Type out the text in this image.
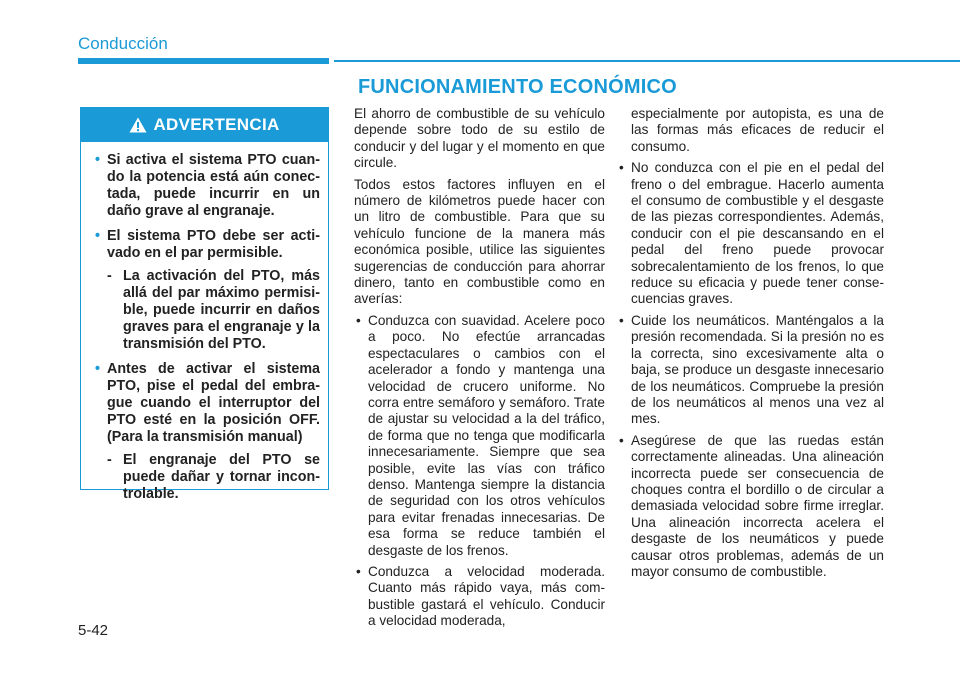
Conducción
FUNCIONAMIENTO ECONÓMICO
ADVERTENCIA
• Si activa el sistema PTO cuando la potencia está aún conectada, puede incurrir en un daño grave al engranaje.
• El sistema PTO debe ser activado en el par permisible.
- La activación del PTO, más allá del par máximo permisible, puede incurrir en daños graves para el engranaje y la transmisión del PTO.
• Antes de activar el sistema PTO, pise el pedal del embrague cuando el interruptor del PTO esté en la posición OFF. (Para la transmisión manual)
- El engranaje del PTO se puede dañar y tornar incontrolable.

El ahorro de combustible de su vehículo depende sobre todo de su estilo de conducir y del lugar y el momento en que circule.

Todos estos factores influyen en el número de kilómetros puede hacer con un litro de combustible. Para que su vehículo funcione de la manera más económica posible, utilice las siguientes sugerencias de conducción para ahorrar dinero, tanto en combustible como en averías:

• Conduzca con suavidad. Acelere poco a poco. No efectúe arrancadas espectaculares o cambios con el acelerador a fondo y mantenga una velocidad de crucero uniforme. No corra entre semáforo y semáforo. Trate de ajustar su velocidad a la del tráfico, de forma que no tenga que modificarla innecesariamente. Siempre que sea posible, evite las vías con tráfico denso. Mantenga siempre la distancia de seguridad con los otros vehículos para evitar frenadas innecesarias. De esa forma se reduce también el desgaste de los frenos.
• Conduzca a velocidad moderada. Cuanto más rápido vaya, más combustible gastará el vehículo. Conducir a velocidad moderada,
especialmente por autopista, es una de las formas más eficaces de reducir el consumo.
• No conduzca con el pie en el pedal del freno o del embrague. Hacerlo aumenta el consumo de combustible y el desgaste de las piezas correspondientes. Además, conducir con el pie descansando en el pedal del freno puede provocar sobrecalentamiento de los frenos, lo que reduce su eficacia y puede tener consecuencias graves.
• Cuide los neumáticos. Manténgalos a la presión recomendada. Si la presión no es la correcta, sino excesivamente alta o baja, se produce un desgaste innecesario de los neumáticos. Compruebe la presión de los neumáticos al menos una vez al mes.
• Asegúrese de que las ruedas están correctamente alineadas. Una alineación incorrecta puede ser consecuencia de choques contra el bordillo o de circular a demasiada velocidad sobre firme irreglar. Una alineación incorrecta acelera el desgaste de los neumáticos y puede causar otros problemas, además de un mayor consumo de combustible.
5-42
